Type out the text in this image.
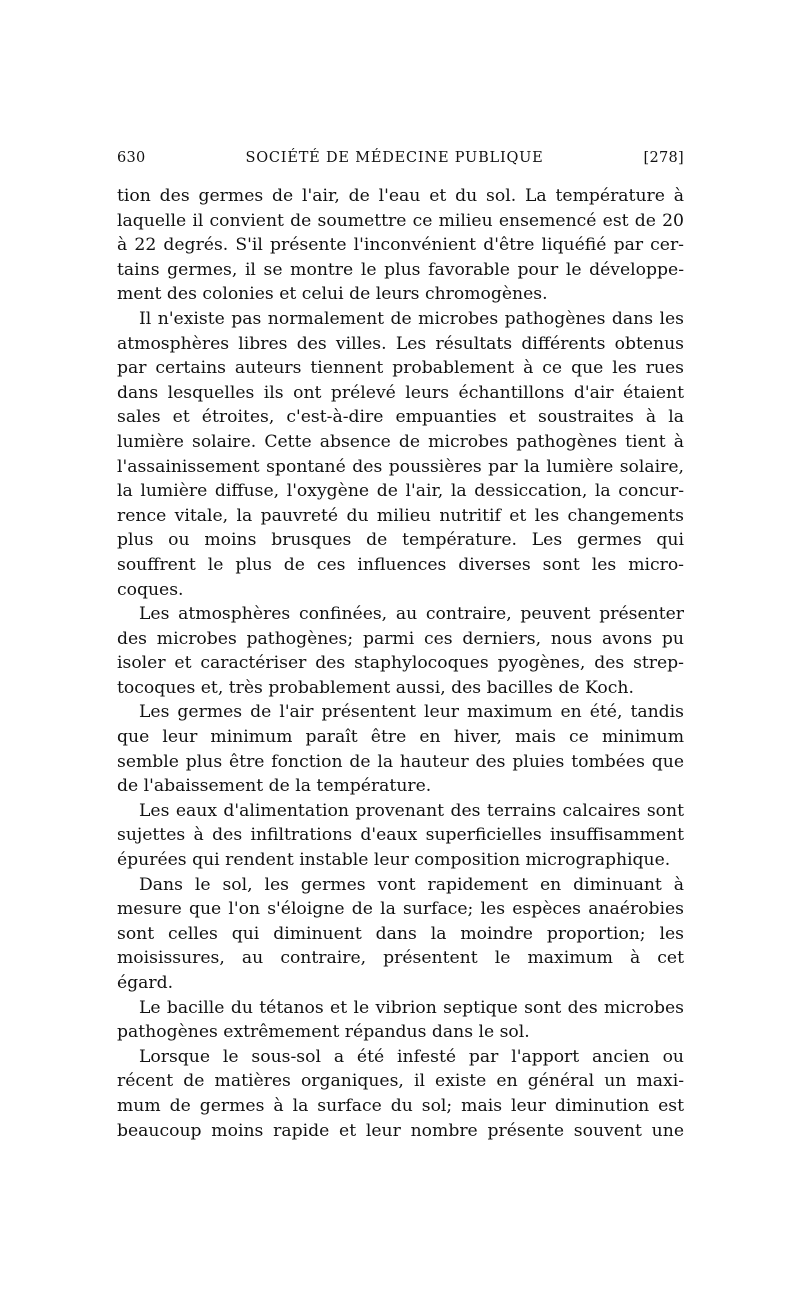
630	SOCIÉTÉ DE MÉDECINE PUBLIQUE	[278]
tion des germes de l'air, de l'eau et du sol. La température à
laquelle il convient de soumettre ce milieu ensemencé est de 20
à 22 degrés. S'il présente l'inconvénient d'être liquéfié par cer-
tains germes, il se montre le plus favorable pour le développe-
ment des colonies et celui de leurs chromogènes.
Il n'existe pas normalement de microbes pathogènes dans les
atmosphères libres des villes. Les résultats différents obtenus
par certains auteurs tiennent probablement à ce que les rues
dans lesquelles ils ont prélevé leurs échantillons d'air étaient
sales et étroites, c'est-à-dire empuanties et soustraites à la
lumière solaire. Cette absence de microbes pathogènes tient à
l'assainissement spontané des poussières par la lumière solaire,
la lumière diffuse, l'oxygène de l'air, la dessiccation, la concur-
rence vitale, la pauvreté du milieu nutritif et les changements
plus ou moins brusques de température. Les germes qui
souffrent le plus de ces influences diverses sont les micro-
coques.
Les atmosphères confinées, au contraire, peuvent présenter
des microbes pathogènes; parmi ces derniers, nous avons pu
isoler et caractériser des staphylocoques pyogènes, des strep-
tocoques et, très probablement aussi, des bacilles de Koch.
Les germes de l'air présentent leur maximum en été, tandis
que leur minimum paraît être en hiver, mais ce minimum
semble plus être fonction de la hauteur des pluies tombées que
de l'abaissement de la température.
Les eaux d'alimentation provenant des terrains calcaires sont
sujettes à des infiltrations d'eaux superficielles insuffisamment
épurées qui rendent instable leur composition micrographique.
Dans le sol, les germes vont rapidement en diminuant à
mesure que l'on s'éloigne de la surface; les espèces anaérobies
sont celles qui diminuent dans la moindre proportion; les
moisissures, au contraire, présentent le maximum à cet
égard.
Le bacille du tétanos et le vibrion septique sont des microbes
pathogènes extrêmement répandus dans le sol.
Lorsque le sous-sol a été infesté par l'apport ancien ou
récent de matières organiques, il existe en général un maxi-
mum de germes à la surface du sol; mais leur diminution est
beaucoup moins rapide et leur nombre présente souvent une
